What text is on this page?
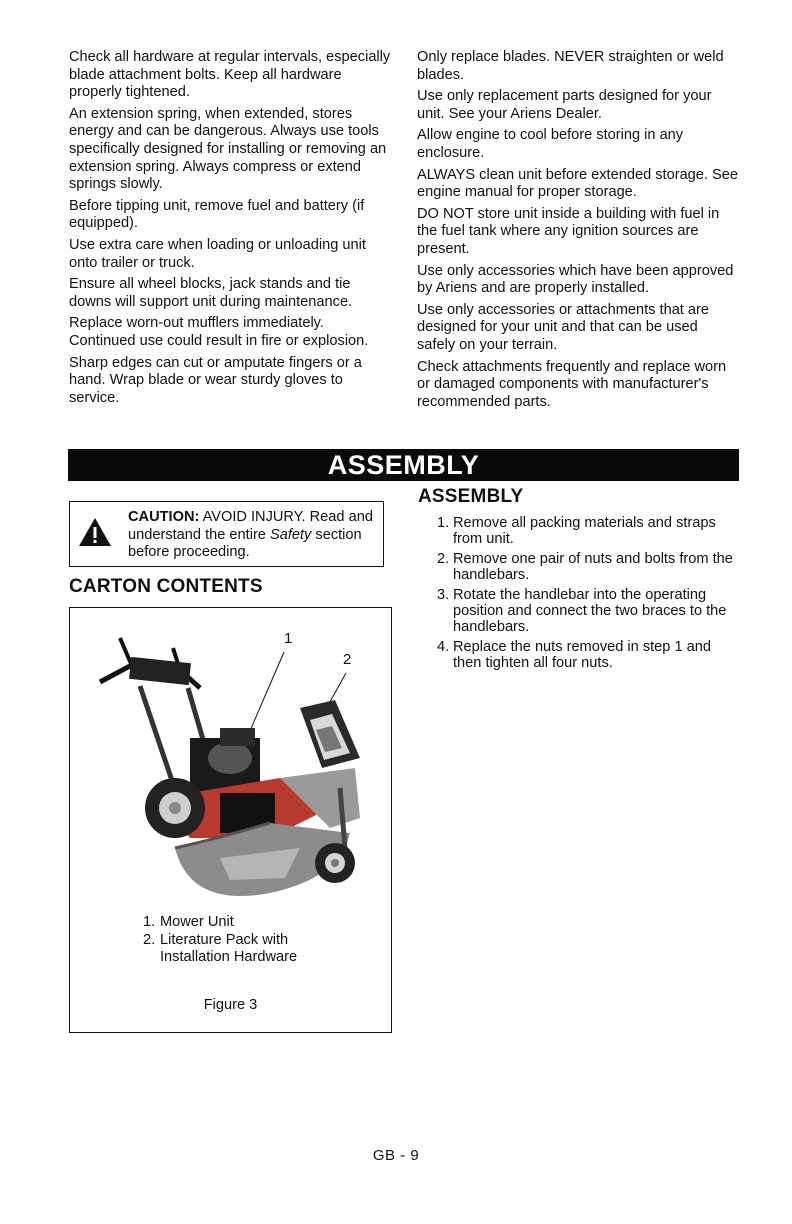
Check all hardware at regular intervals, especially blade attachment bolts. Keep all hardware properly tightened.

An extension spring, when extended, stores energy and can be dangerous. Always use tools specifically designed for installing or removing an extension spring. Always compress or extend springs slowly.

Before tipping unit, remove fuel and battery (if equipped).

Use extra care when loading or unloading unit onto trailer or truck.

Ensure all wheel blocks, jack stands and tie downs will support unit during maintenance.

Replace worn-out mufflers immediately. Continued use could result in fire or explosion.

Sharp edges can cut or amputate fingers or a hand. Wrap blade or wear sturdy gloves to service.

Only replace blades. NEVER straighten or weld blades.

Use only replacement parts designed for your unit. See your Ariens Dealer.

Allow engine to cool before storing in any enclosure.

ALWAYS clean unit before extended storage. See engine manual for proper storage.

DO NOT store unit inside a building with fuel in the fuel tank where any ignition sources are present.

Use only accessories which have been approved by Ariens and are properly installed.

Use only accessories or attachments that are designed for your unit and that can be used safely on your terrain.

Check attachments frequently and replace worn or damaged components with manufacturer's recommended parts.

ASSEMBLY
CAUTION: AVOID INJURY. Read and understand the entire Safety section before proceeding.
CARTON CONTENTS
1
2
1. Mower Unit
2. Literature Pack with Installation Hardware
Figure 3
ASSEMBLY
1. Remove all packing materials and straps from unit.
2. Remove one pair of nuts and bolts from the handlebars.
3. Rotate the handlebar into the operating position and connect the two braces to the handlebars.
4. Replace the nuts removed in step 1 and then tighten all four nuts.
GB - 9
